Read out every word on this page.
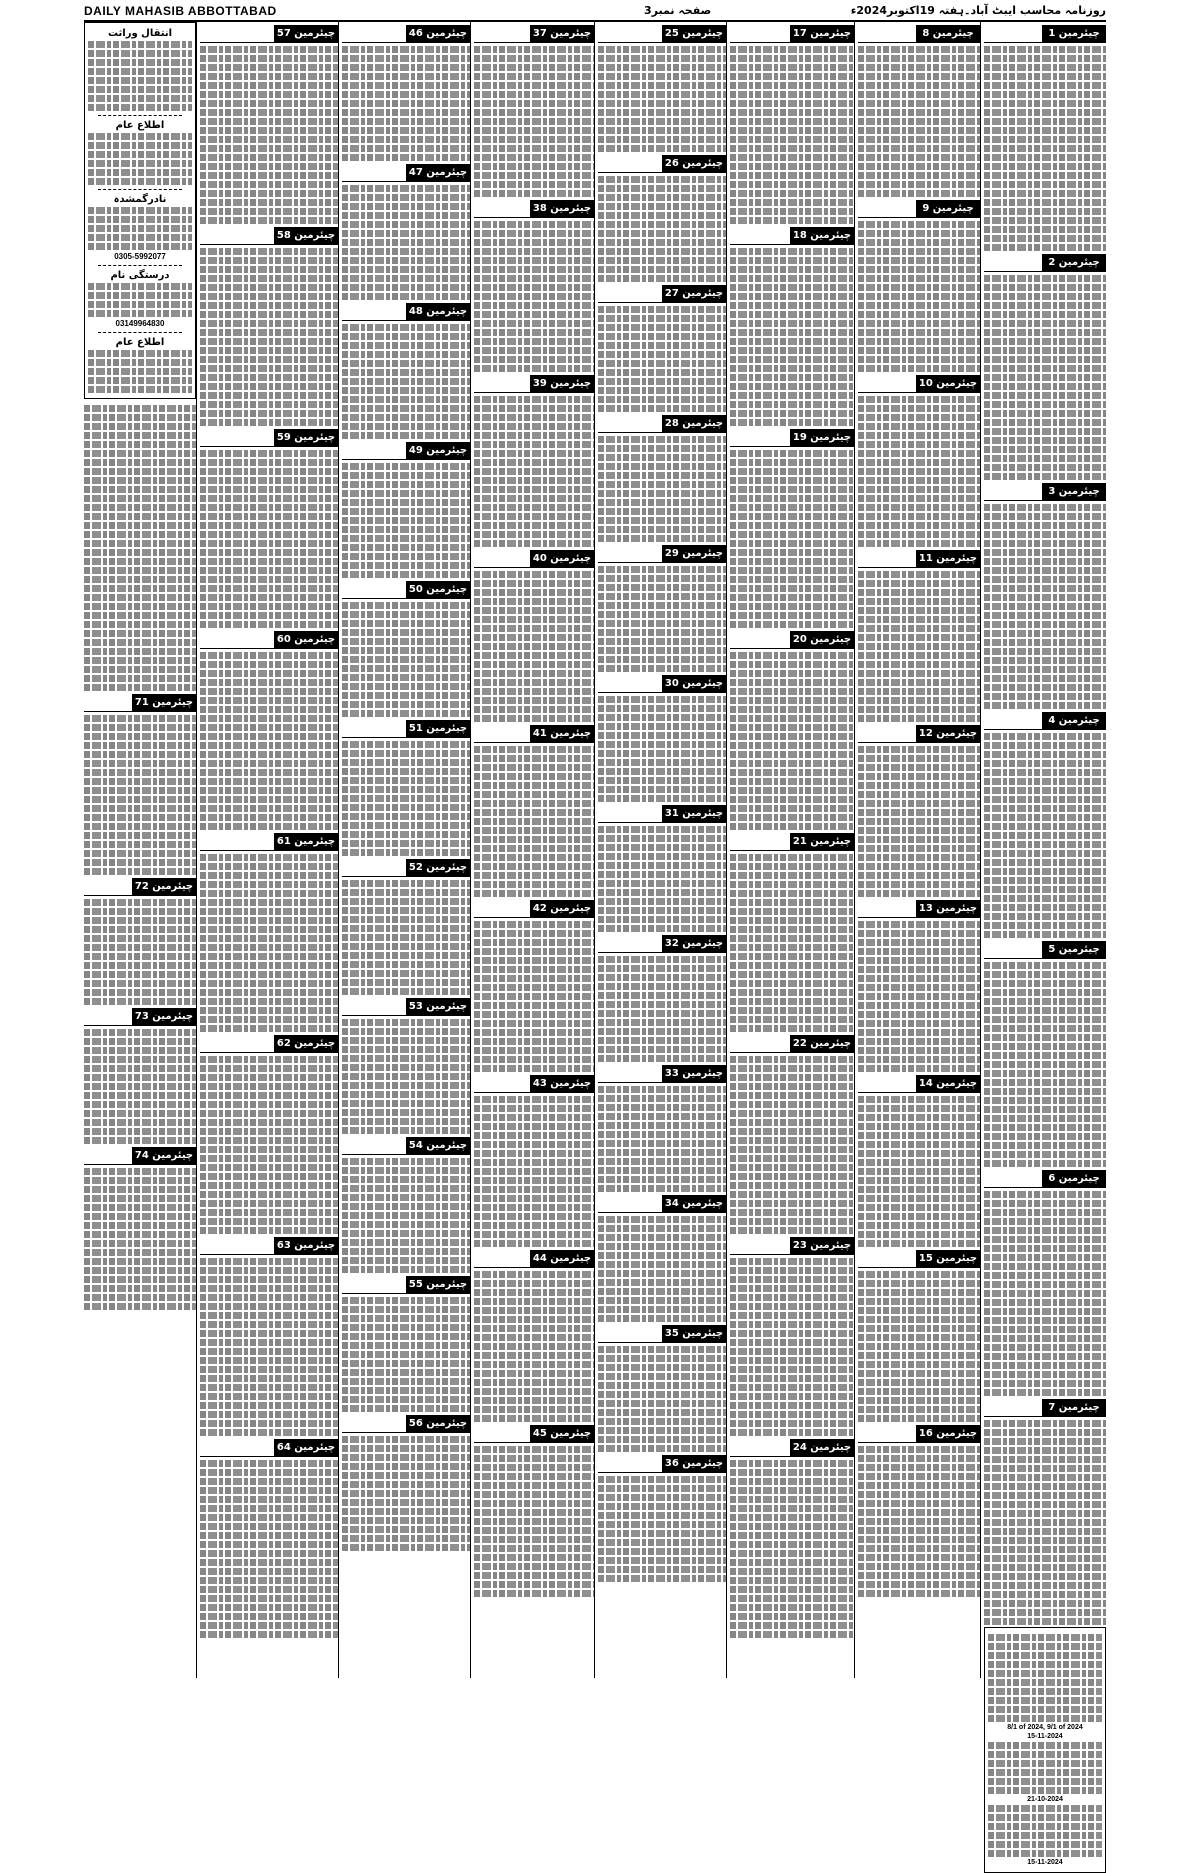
DAILY MAHASIB ABBOTTABAD	صفحہ نمبر3	روزنامہ محاسب ایبٹ آباد۔ہفتہ 19اکتوبر2024ء
انتقال وراثت
اطلاع عام
نادرگمشدہ
0305-5992077
درستگی نام
03149964830
اطلاع عام
چیئرمین 71
چیئرمین 72
چیئرمین 73
چیئرمین 74
چیئرمین 57
چیئرمین 58
چیئرمین 59
چیئرمین 60
چیئرمین 61
چیئرمین 62
چیئرمین 63
چیئرمین 64
چیئرمین 46
چیئرمین 47
چیئرمین 48
چیئرمین 49
چیئرمین 50
چیئرمین 51
چیئرمین 52
چیئرمین 53
چیئرمین 54
چیئرمین 55
چیئرمین 56
چیئرمین 37
چیئرمین 38
چیئرمین 39
چیئرمین 40
چیئرمین 41
چیئرمین 42
چیئرمین 43
چیئرمین 44
چیئرمین 45
چیئرمین 25
چیئرمین 26
چیئرمین 27
چیئرمین 28
چیئرمین 29
چیئرمین 30
چیئرمین 31
چیئرمین 32
چیئرمین 33
چیئرمین 34
چیئرمین 35
چیئرمین 36
چیئرمین 17
چیئرمین 18
چیئرمین 19
چیئرمین 20
چیئرمین 21
چیئرمین 22
چیئرمین 23
چیئرمین 24
چیئرمین 8
چیئرمین 9
چیئرمین 10
چیئرمین 11
چیئرمین 12
چیئرمین 13
چیئرمین 14
چیئرمین 15
چیئرمین 16
چیئرمین 1
چیئرمین 2
چیئرمین 3
چیئرمین 4
چیئرمین 5
چیئرمین 6
چیئرمین 7
8/1 of 2024, 9/1 of 2024
15-11-2024
21-10-2024
15-11-2024
